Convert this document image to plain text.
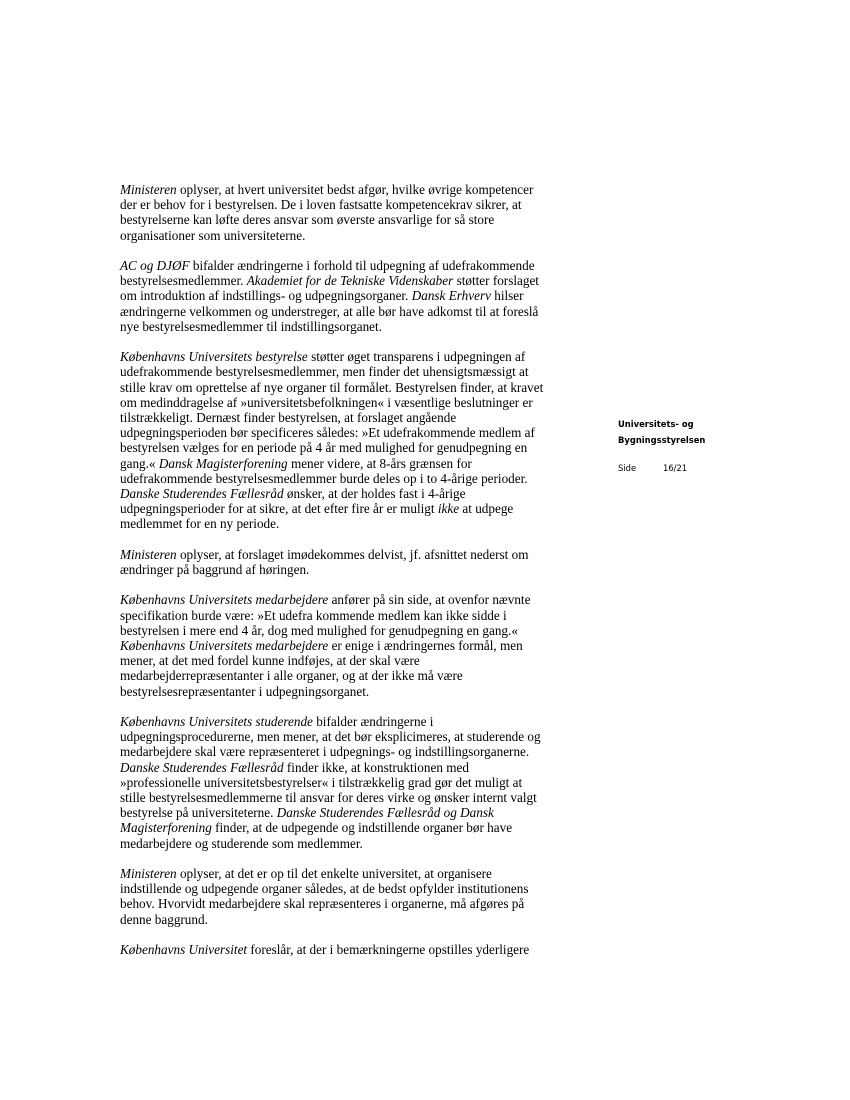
Ministeren oplyser, at hvert universitet bedst afgør, hvilke øvrige kompetencer
der er behov for i bestyrelsen. De i loven fastsatte kompetencekrav sikrer, at
bestyrelserne kan løfte deres ansvar som øverste ansvarlige for så store
organisationer som universiteterne.
AC og DJØF bifalder ændringerne i forhold til udpegning af udefrakommende
bestyrelsesmedlemmer. Akademiet for de Tekniske Videnskaber støtter forslaget
om introduktion af indstillings- og udpegningsorganer. Dansk Erhverv hilser
ændringerne velkommen og understreger, at alle bør have adkomst til at foreslå
nye bestyrelsesmedlemmer til indstillingsorganet.
Københavns Universitets bestyrelse støtter øget transparens i udpegningen af
udefrakommende bestyrelsesmedlemmer, men finder det uhensigtsmæssigt at
stille krav om oprettelse af nye organer til formålet. Bestyrelsen finder, at kravet
om medinddragelse af »universitetsbefolkningen« i væsentlige beslutninger er
tilstrækkeligt. Dernæst finder bestyrelsen, at forslaget angående
udpegningsperioden bør specificeres således: »Et udefrakommende medlem af
bestyrelsen vælges for en periode på 4 år med mulighed for genudpegning en
gang.« Dansk Magisterforening mener videre, at 8-års grænsen for
udefrakommende bestyrelsesmedlemmer burde deles op i to 4-årige perioder.
Danske Studerendes Fællesråd ønsker, at der holdes fast i 4-årige
udpegningsperioder for at sikre, at det efter fire år er muligt ikke at udpege
medlemmet for en ny periode.
Ministeren oplyser, at forslaget imødekommes delvist, jf. afsnittet nederst om
ændringer på baggrund af høringen.
Københavns Universitets medarbejdere anfører på sin side, at ovenfor nævnte
specifikation burde være: »Et udefra kommende medlem kan ikke sidde i
bestyrelsen i mere end 4 år, dog med mulighed for genudpegning en gang.«
Københavns Universitets medarbejdere er enige i ændringernes formål, men
mener, at det med fordel kunne indføjes, at der skal være
medarbejderrepræsentanter i alle organer, og at der ikke må være
bestyrelsesrepræsentanter i udpegningsorganet.
Københavns Universitets studerende bifalder ændringerne i
udpegningsprocedurerne, men mener, at det bør eksplicimeres, at studerende og
medarbejdere skal være repræsenteret i udpegnings- og indstillingsorganerne.
Danske Studerendes Fællesråd finder ikke, at konstruktionen med
»professionelle universitetsbestyrelser« i tilstrækkelig grad gør det muligt at
stille bestyrelsesmedlemmerne til ansvar for deres virke og ønsker internt valgt
bestyrelse på universiteterne. Danske Studerendes Fællesråd og Dansk
Magisterforening finder, at de udpegende og indstillende organer bør have
medarbejdere og studerende som medlemmer.
Ministeren oplyser, at det er op til det enkelte universitet, at organisere
indstillende og udpegende organer således, at de bedst opfylder institutionens
behov. Hvorvidt medarbejdere skal repræsenteres i organerne, må afgøres på
denne baggrund.
Københavns Universitet foreslår, at der i bemærkningerne opstilles yderligere
Universitets- og
Bygningsstyrelsen
Side	16/21
